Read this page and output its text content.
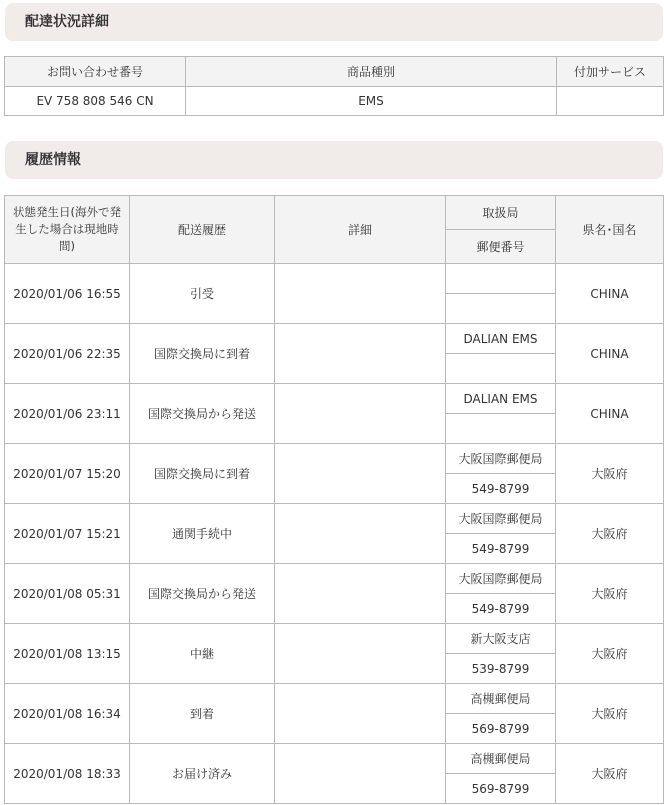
配達状況詳細
お問い合わせ番号	商品種別	付加サービス
EV 758 808 546 CN	EMS	
履歴情報
状態発生日(海外で発生した場合は現地時間)	配送履歴	詳細	取扱局	県名･国名
			郵便番号	
2020/01/06 16:55	引受			CHINA

2020/01/06 22:35	国際交換局に到着		DALIAN EMS	CHINA

2020/01/06 23:11	国際交換局から発送		DALIAN EMS	CHINA

2020/01/07 15:20	国際交換局に到着		大阪国際郵便局	大阪府
			549-8799	
2020/01/07 15:21	通関手続中		大阪国際郵便局	大阪府
			549-8799	
2020/01/08 05:31	国際交換局から発送		大阪国際郵便局	大阪府
			549-8799	
2020/01/08 13:15	中継		新大阪支店	大阪府
			539-8799	
2020/01/08 16:34	到着		高槻郵便局	大阪府
			569-8799	
2020/01/08 18:33	お届け済み		高槻郵便局	大阪府
			569-8799	
